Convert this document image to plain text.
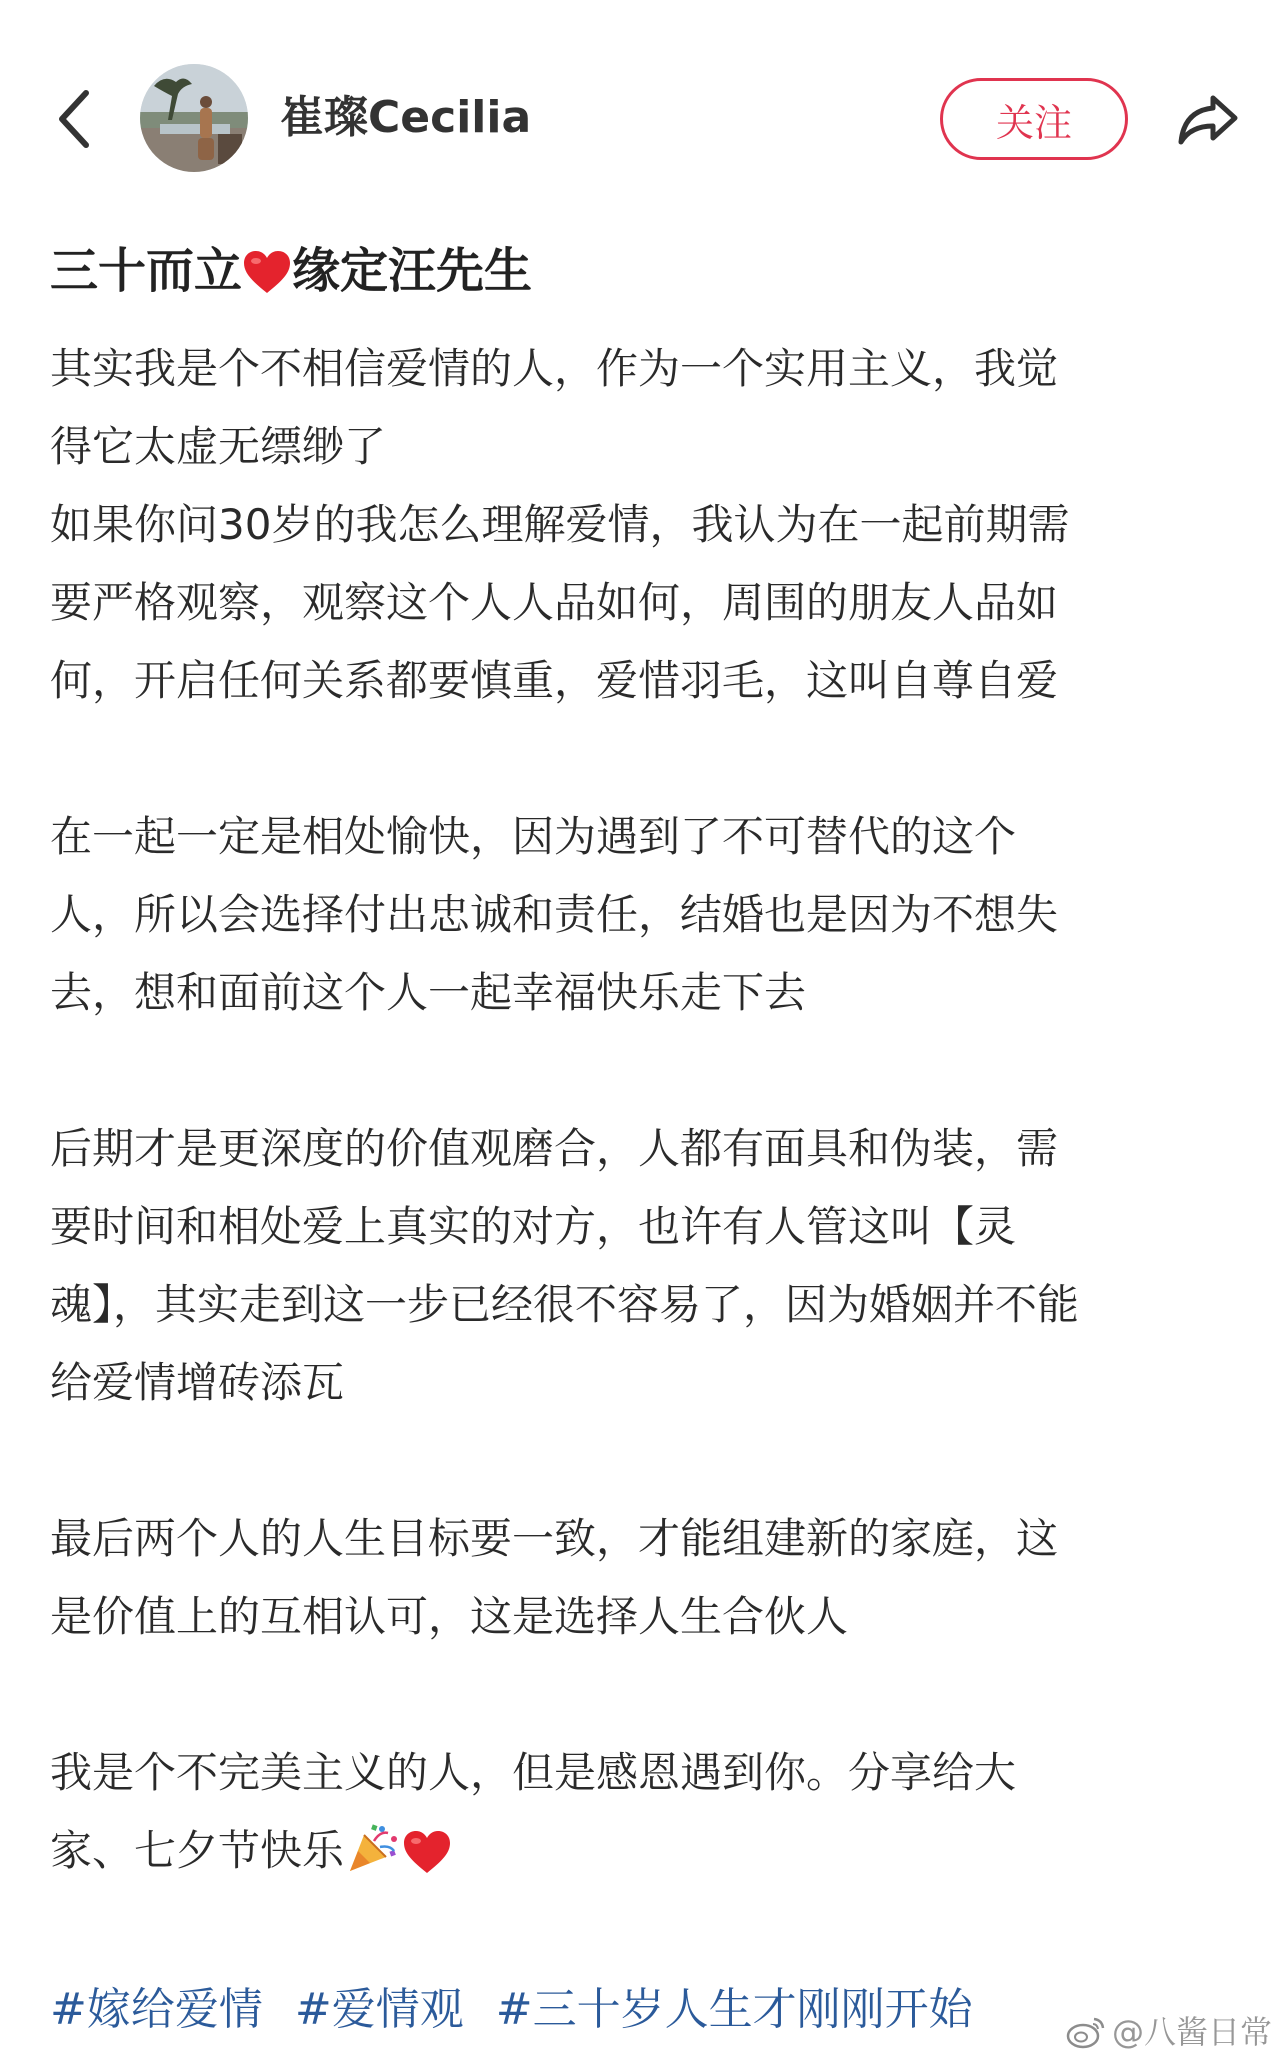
崔璨Cecilia	关注
三十而立 缘定汪先生
其实我是个不相信爱情的人，作为一个实用主义，我觉
得它太虚无缥缈了
如果你问30岁的我怎么理解爱情，我认为在一起前期需
要严格观察，观察这个人人品如何，周围的朋友人品如
何，开启任何关系都要慎重，爱惜羽毛，这叫自尊自爱
在一起一定是相处愉快，因为遇到了不可替代的这个
人，所以会选择付出忠诚和责任，结婚也是因为不想失
去，想和面前这个人一起幸福快乐走下去
后期才是更深度的价值观磨合，人都有面具和伪装，需
要时间和相处爱上真实的对方，也许有人管这叫【灵
魂】，其实走到这一步已经很不容易了，因为婚姻并不能
给爱情增砖添瓦
最后两个人的人生目标要一致，才能组建新的家庭，这
是价值上的互相认可，这是选择人生合伙人
我是个不完美主义的人，但是感恩遇到你。分享给大
家、七夕节快乐
#嫁给爱情 #爱情观 #三十岁人生才刚刚开始	@八酱日常
